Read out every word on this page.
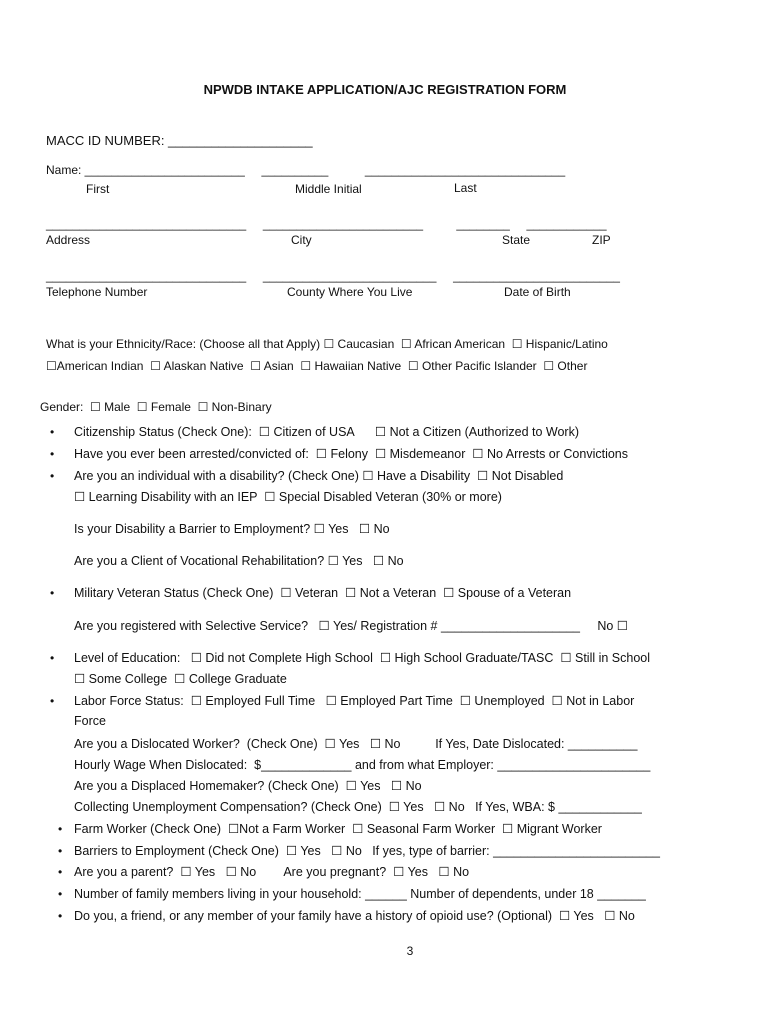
NPWDB INTAKE APPLICATION/AJC REGISTRATION FORM
MACC ID NUMBER: ____________________
Name: ________________________     __________           ______________________________
First	Middle Initial	Last
______________________________     ________________________          ________     ____________
Address	City	State	ZIP
______________________________     __________________________     _________________________
Telephone Number	County Where You Live	Date of Birth
What is your Ethnicity/Race: (Choose all that Apply) ☐ Caucasian  ☐ African American  ☐ Hispanic/Latino
☐American Indian  ☐ Alaskan Native  ☐ Asian  ☐ Hawaiian Native  ☐ Other Pacific Islander  ☐ Other
Gender:  ☐ Male  ☐ Female  ☐ Non-Binary
• Citizenship Status (Check One):  ☐ Citizen of USA      ☐ Not a Citizen (Authorized to Work)
• Have you ever been arrested/convicted of:  ☐ Felony  ☐ Misdemeanor  ☐ No Arrests or Convictions
• Are you an individual with a disability? (Check One) ☐ Have a Disability  ☐ Not Disabled
☐ Learning Disability with an IEP  ☐ Special Disabled Veteran (30% or more)
Is your Disability a Barrier to Employment? ☐ Yes   ☐ No
Are you a Client of Vocational Rehabilitation? ☐ Yes   ☐ No
• Military Veteran Status (Check One)  ☐ Veteran  ☐ Not a Veteran  ☐ Spouse of a Veteran
Are you registered with Selective Service?   ☐ Yes/ Registration # ____________________     No ☐
• Level of Education:   ☐ Did not Complete High School  ☐ High School Graduate/TASC  ☐ Still in School
☐ Some College  ☐ College Graduate
• Labor Force Status:  ☐ Employed Full Time   ☐ Employed Part Time  ☐ Unemployed  ☐ Not in Labor
Force
Are you a Dislocated Worker?  (Check One)  ☐ Yes   ☐ No          If Yes, Date Dislocated: __________
Hourly Wage When Dislocated:  $_____________ and from what Employer: ______________________
Are you a Displaced Homemaker? (Check One)  ☐ Yes   ☐ No
Collecting Unemployment Compensation? (Check One)  ☐ Yes   ☐ No   If Yes, WBA: $ ____________
• Farm Worker (Check One)  ☐Not a Farm Worker  ☐ Seasonal Farm Worker  ☐ Migrant Worker
• Barriers to Employment (Check One)  ☐ Yes   ☐ No   If yes, type of barrier: ________________________
• Are you a parent?  ☐ Yes   ☐ No        Are you pregnant?  ☐ Yes   ☐ No
• Number of family members living in your household: ______ Number of dependents, under 18 _______
• Do you, a friend, or any member of your family have a history of opioid use? (Optional)  ☐ Yes   ☐ No
3
